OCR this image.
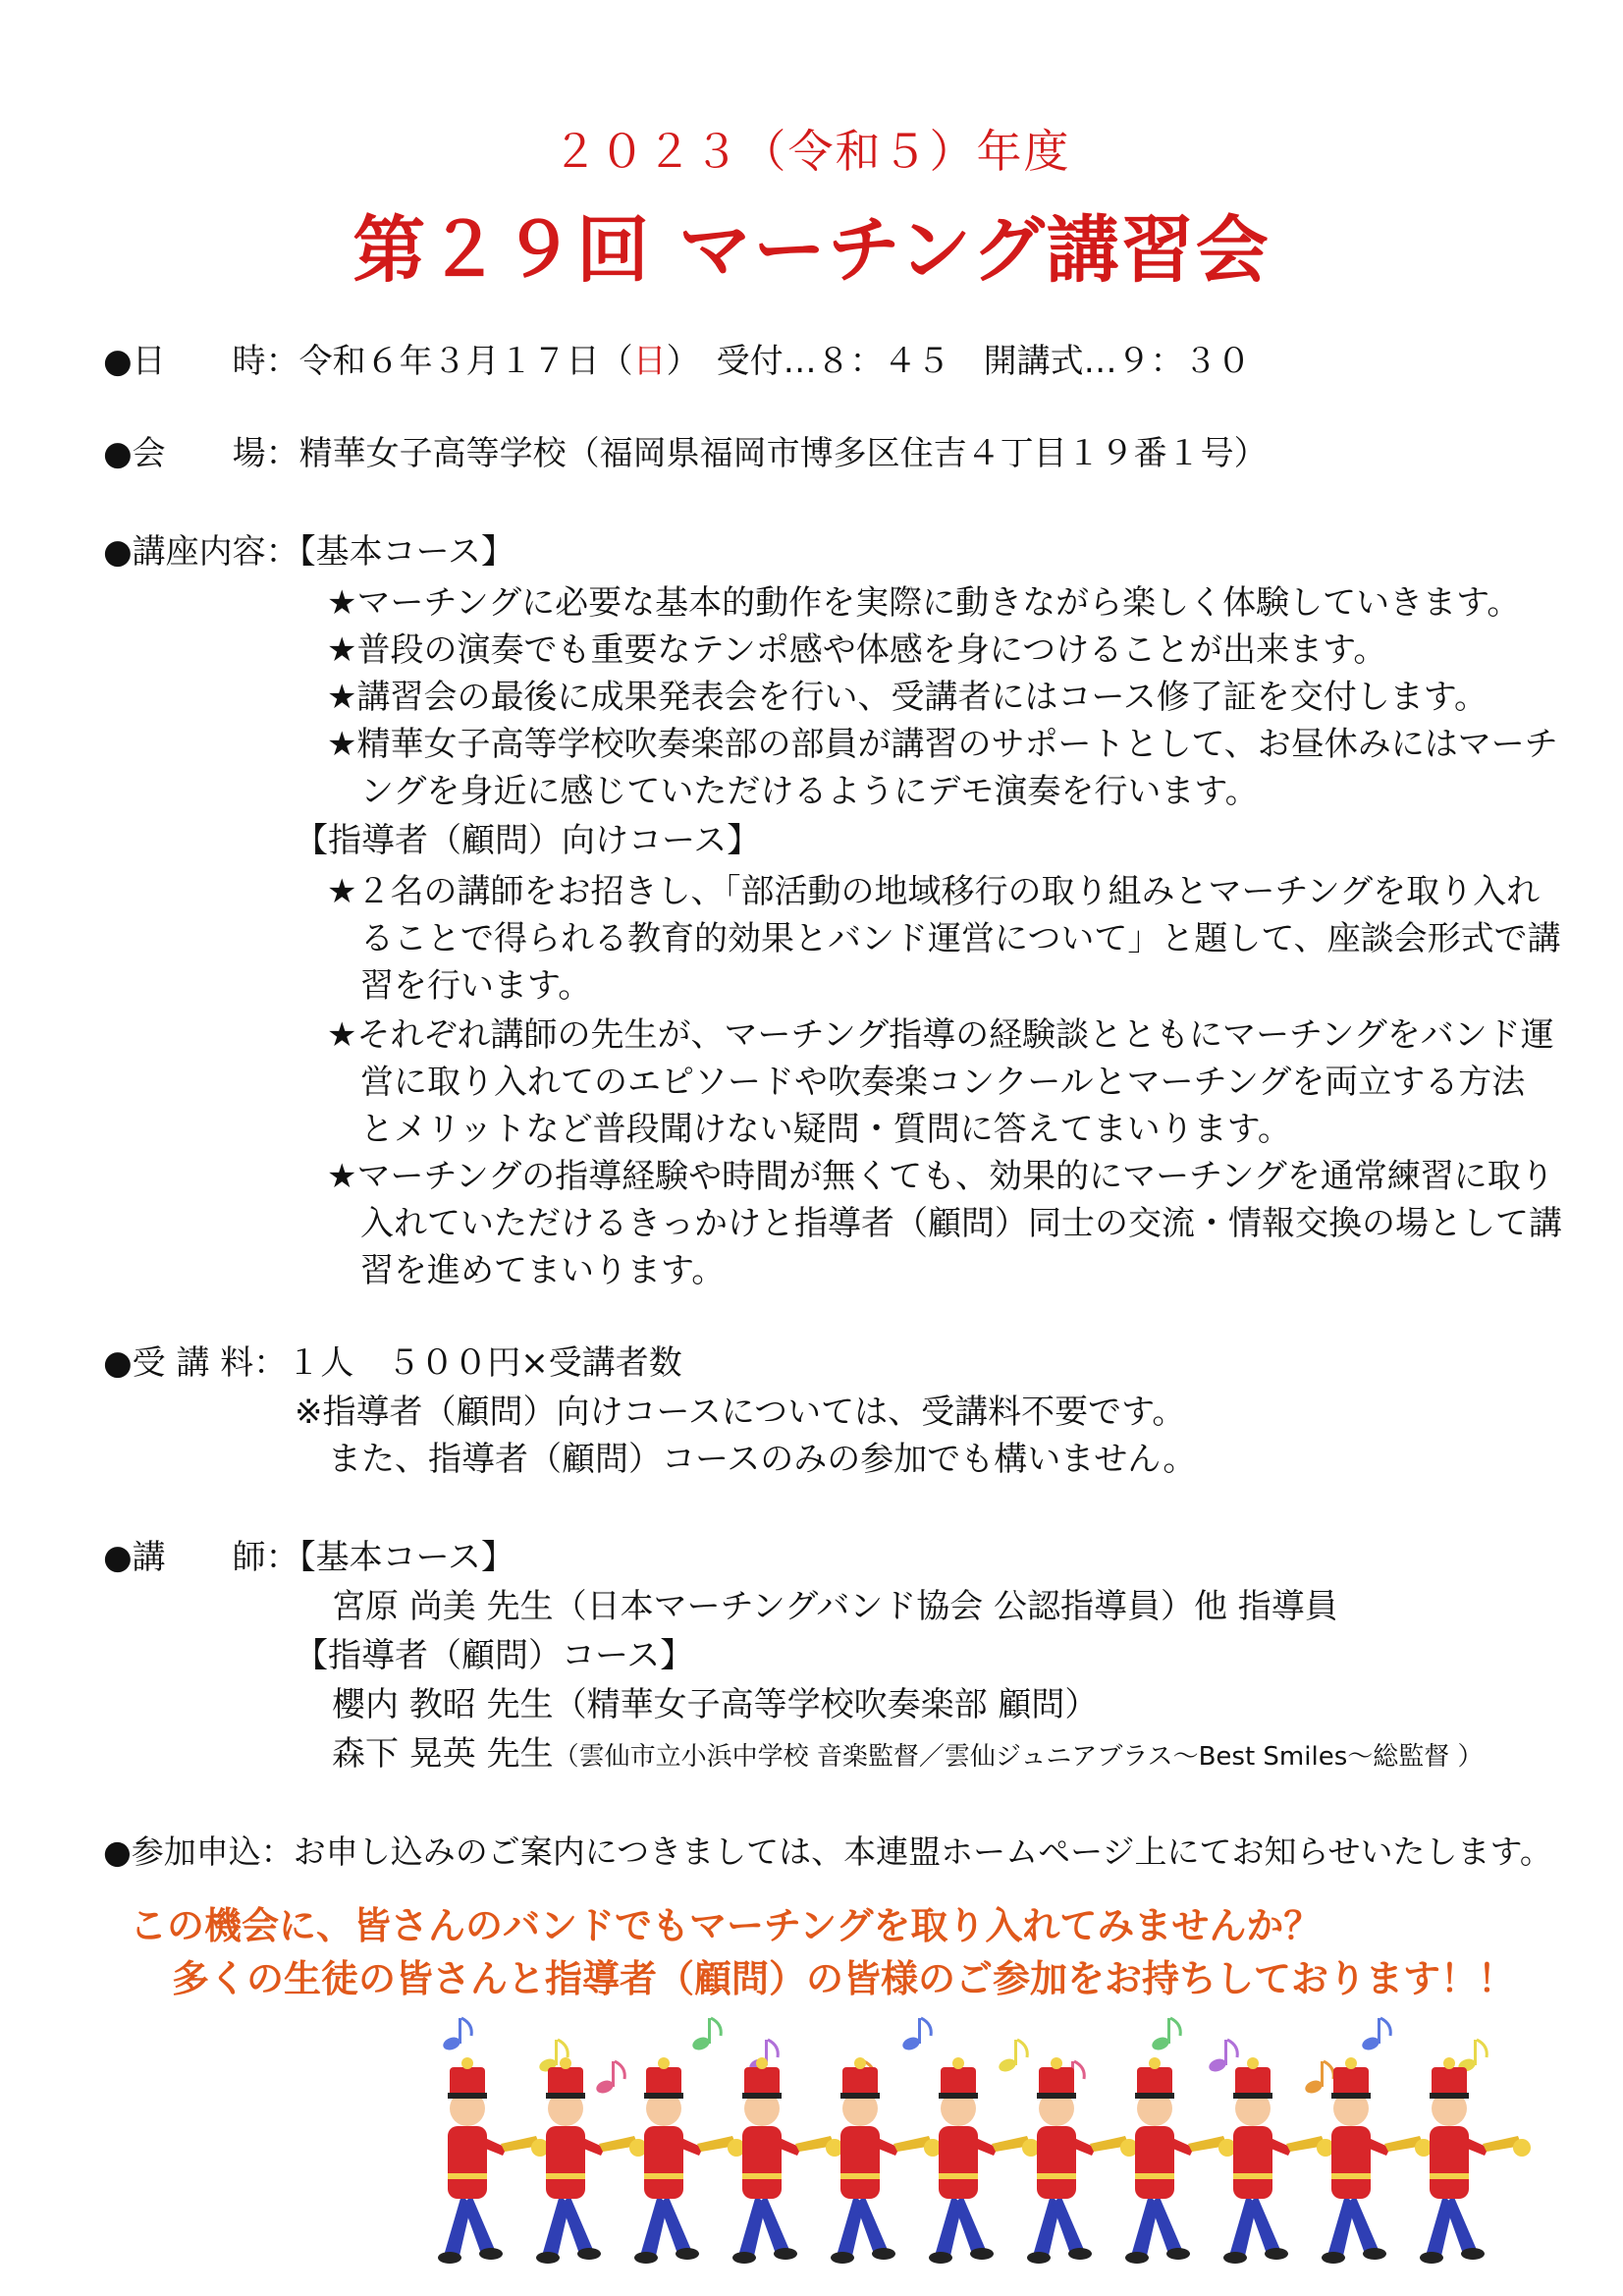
２０２３（令和５）年度
第２９回 マーチング講習会
●日　　時：令和６年３月１７日（日）　受付…８：４５　開講式…９：３０
●会　　場：精華女子高等学校（福岡県福岡市博多区住吉４丁目１９番１号）
●講座内容：【基本コース】
★マーチングに必要な基本的動作を実際に動きながら楽しく体験していきます。
★普段の演奏でも重要なテンポ感や体感を身につけることが出来ます。
★講習会の最後に成果発表会を行い、受講者にはコース修了証を交付します。
★精華女子高等学校吹奏楽部の部員が講習のサポートとして、お昼休みにはマーチ
　ングを身近に感じていただけるようにデモ演奏を行います。
【指導者（顧問）向けコース】
★２名の講師をお招きし、「部活動の地域移行の取り組みとマーチングを取り入れ
　ることで得られる教育的効果とバンド運営について」と題して、座談会形式で講
　習を行います。
★それぞれ講師の先生が、マーチング指導の経験談とともにマーチングをバンド運
　営に取り入れてのエピソードや吹奏楽コンクールとマーチングを両立する方法
　とメリットなど普段聞けない疑問・質問に答えてまいります。
★マーチングの指導経験や時間が無くても、効果的にマーチングを通常練習に取り
　入れていただけるきっかけと指導者（顧問）同士の交流・情報交換の場として講
　習を進めてまいります。
●受 講 料：１人　５００円×受講者数
※指導者（顧問）向けコースについては、受講料不要です。
　また、指導者（顧問）コースのみの参加でも構いません。
●講　　師：【基本コース】
宮原 尚美 先生（日本マーチングバンド協会 公認指導員）他 指導員
【指導者（顧問）コース】
櫻内 教昭 先生（精華女子高等学校吹奏楽部 顧問）
森下 晃英 先生（雲仙市立小浜中学校 音楽監督／雲仙ジュニアブラス～Best Smiles～総監督 ）
●参加申込：お申し込みのご案内につきましては、本連盟ホームページ上にてお知らせいたします。
この機会に、皆さんのバンドでもマーチングを取り入れてみませんか？
多くの生徒の皆さんと指導者（顧問）の皆様のご参加をお持ちしております！！
